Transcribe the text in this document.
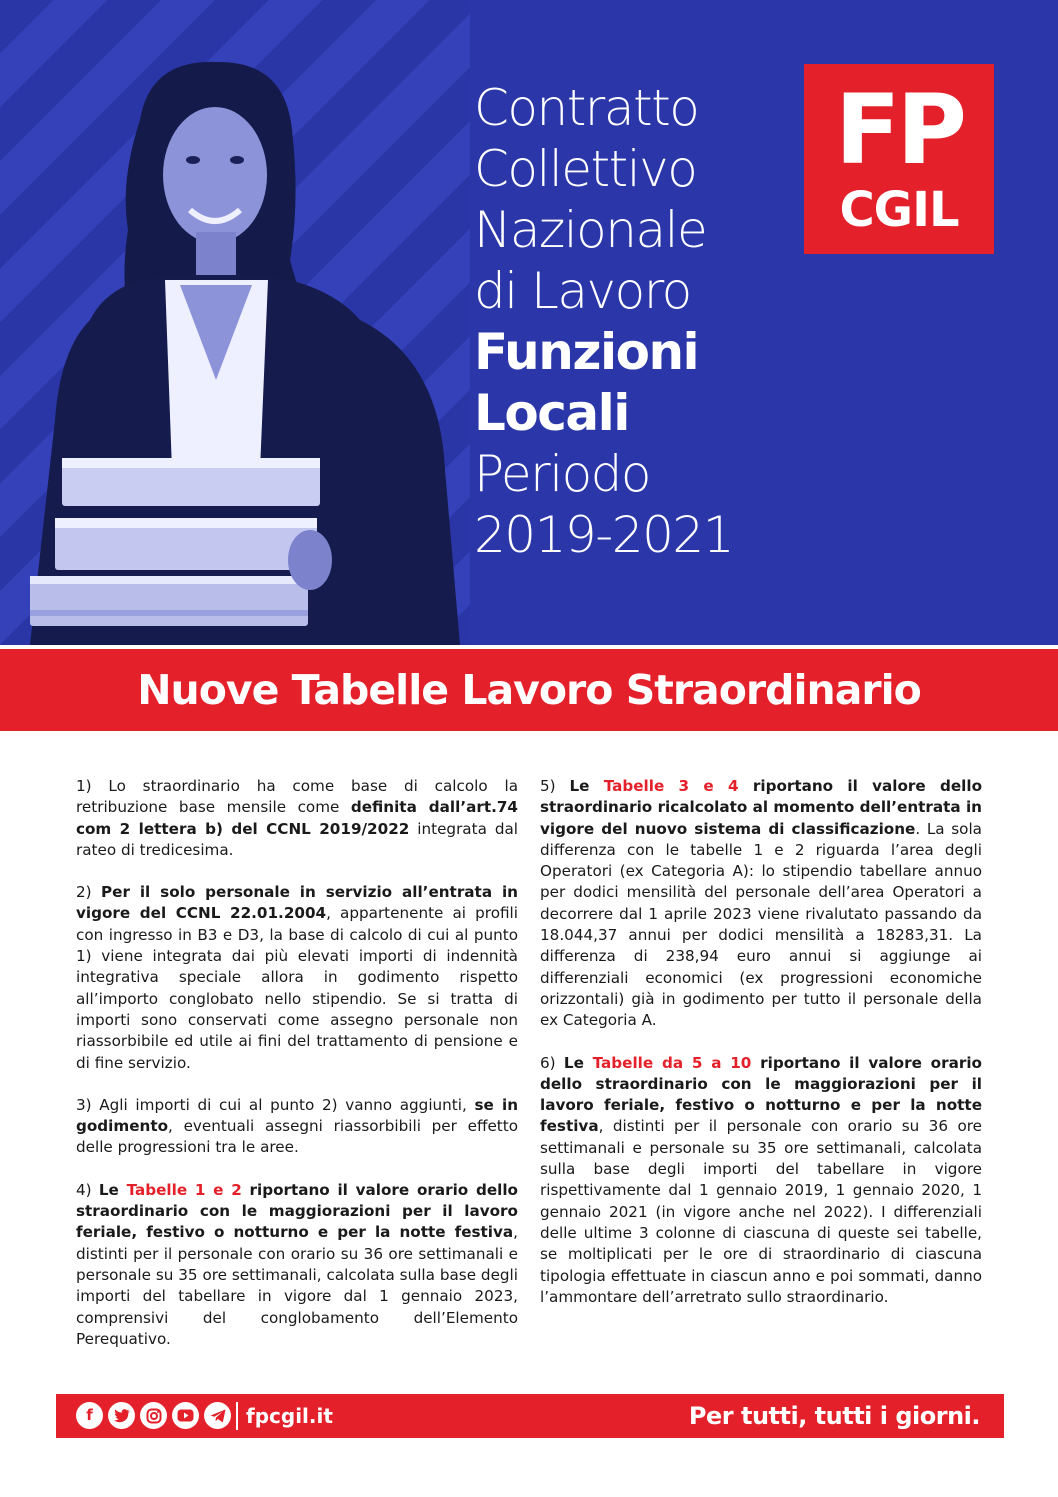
Contratto
Collettivo
Nazionale
di Lavoro
Funzioni
Locali
Periodo
2019-2021
FP
CGIL
Nuove Tabelle Lavoro Straordinario

1) Lo straordinario ha come base di calcolo la retribuzione base mensile come definita dall’art.74 com 2 lettera b) del CCNL 2019/2022 integrata dal rateo di tredicesima.

2) Per il solo personale in servizio all’entrata in vigore del CCNL 22.01.2004, appartenente ai profili con ingresso in B3 e D3, la base di calcolo di cui al punto 1) viene integrata dai più elevati importi di indennità integrativa speciale allora in godimento rispetto all’importo conglobato nello stipendio. Se si tratta di importi sono conservati come assegno personale non riassorbibile ed utile ai fini del trattamento di pensione e di fine servizio.

3) Agli importi di cui al punto 2) vanno aggiunti, se in godimento, eventuali assegni riassorbibili per effetto delle progressioni tra le aree.

4) Le Tabelle 1 e 2 riportano il valore orario dello straordinario con le maggiorazioni per il lavoro feriale, festivo o notturno e per la notte festiva, distinti per il personale con orario su 36 ore settimanali e personale su 35 ore settimanali, calcolata sulla base degli importi del tabellare in vigore dal 1 gennaio 2023, comprensivi del conglobamento dell’Elemento Perequativo.

5) Le Tabelle 3 e 4 riportano il valore dello straordinario ricalcolato al momento dell’entrata in vigore del nuovo sistema di classificazione. La sola differenza con le tabelle 1 e 2 riguarda l’area degli Operatori (ex Categoria A): lo stipendio tabellare annuo per dodici mensilità del personale dell’area Operatori a decorrere dal 1 aprile 2023 viene rivalutato passando da 18.044,37 annui per dodici mensilità a 18283,31. La differenza di 238,94 euro annui si aggiunge ai differenziali economici (ex progressioni economiche orizzontali) già in godimento per tutto il personale della ex Categoria A.

6) Le Tabelle da 5 a 10 riportano il valore orario dello straordinario con le maggiorazioni per il lavoro feriale, festivo o notturno e per la notte festiva, distinti per il personale con orario su 36 ore settimanali e personale su 35 ore settimanali, calcolata sulla base degli importi del tabellare in vigore rispettivamente dal 1 gennaio 2019, 1 gennaio 2020, 1 gennaio 2021 (in vigore anche nel 2022). I differenziali delle ultime 3 colonne di ciascuna di queste sei tabelle, se moltiplicati per le ore di straordinario di ciascuna tipologia effettuate in ciascun anno e poi sommati, danno l’ammontare dell’arretrato sullo straordinario.

f	fpcgil.it	Per tutti, tutti i giorni.
